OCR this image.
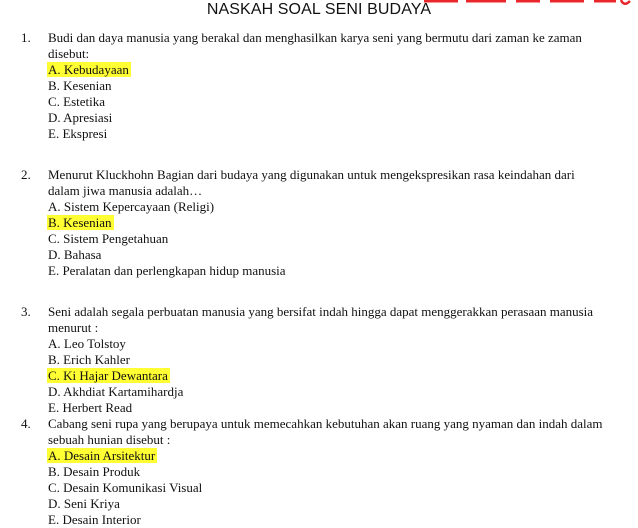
NASKAH SOAL SENI BUDAYA
1. Budi dan daya manusia yang berakal dan menghasilkan karya seni yang bermutu dari zaman ke zaman disebut:
A. Kebudayaan
B. Kesenian
C. Estetika
D. Apresiasi
E. Ekspresi
2. Menurut Kluckhohn Bagian dari budaya yang digunakan untuk mengekspresikan rasa keindahan dari dalam jiwa manusia adalah…
A. Sistem Kepercayaan (Religi)
B. Kesenian
C. Sistem Pengetahuan
D. Bahasa
E. Peralatan dan perlengkapan hidup manusia
3. Seni adalah segala perbuatan manusia yang bersifat indah hingga dapat menggerakkan perasaan manusia menurut :
A. Leo Tolstoy
B. Erich Kahler
C. Ki Hajar Dewantara
D. Akhdiat Kartamihardja
E. Herbert Read
4. Cabang seni rupa yang berupaya untuk memecahkan kebutuhan akan ruang yang nyaman dan indah dalam sebuah hunian disebut :
A. Desain Arsitektur
B. Desain Produk
C. Desain Komunikasi Visual
D. Seni Kriya
E. Desain Interior
